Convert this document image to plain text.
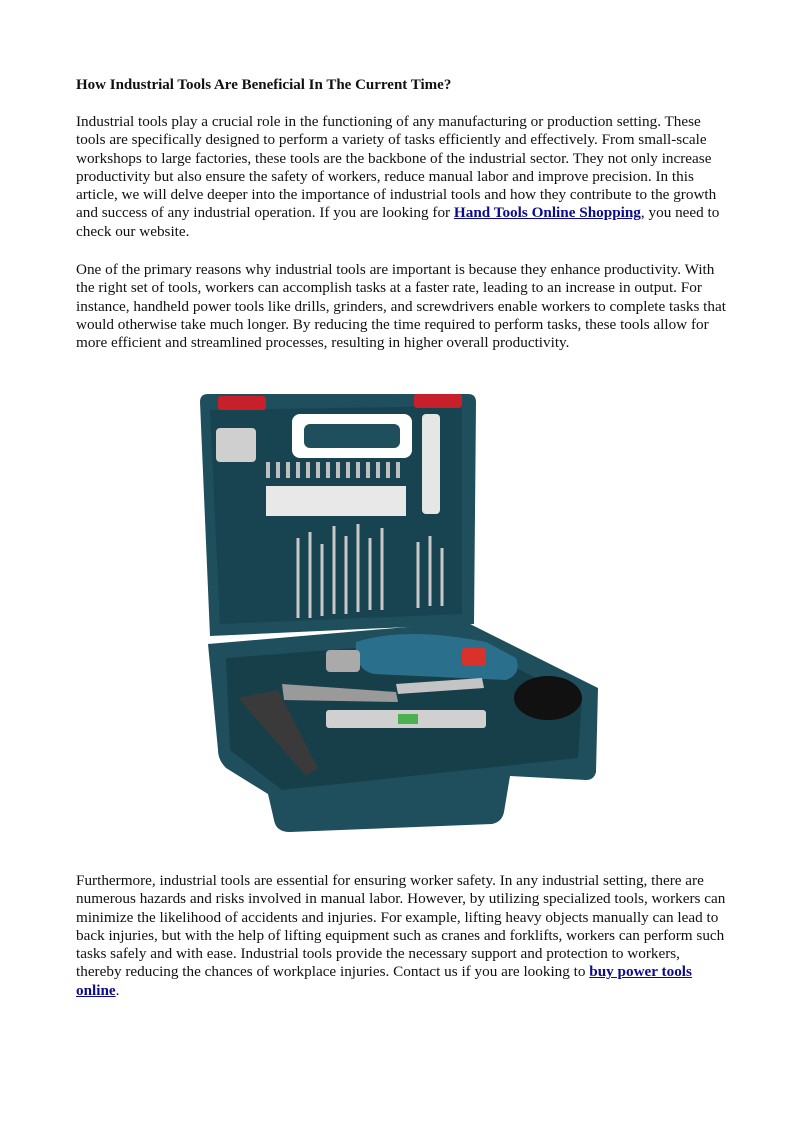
How Industrial Tools Are Beneficial In The Current Time?

Industrial tools play a crucial role in the functioning of any manufacturing or production setting. These tools are specifically designed to perform a variety of tasks efficiently and effectively. From small-scale workshops to large factories, these tools are the backbone of the industrial sector. They not only increase productivity but also ensure the safety of workers, reduce manual labor and improve precision. In this article, we will delve deeper into the importance of industrial tools and how they contribute to the growth and success of any industrial operation. If you are looking for Hand Tools Online Shopping, you need to check our website.

One of the primary reasons why industrial tools are important is because they enhance productivity. With the right set of tools, workers can accomplish tasks at a faster rate, leading to an increase in output. For instance, handheld power tools like drills, grinders, and screwdrivers enable workers to complete tasks that would otherwise take much longer. By reducing the time required to perform tasks, these tools allow for more efficient and streamlined processes, resulting in higher overall productivity.

Furthermore, industrial tools are essential for ensuring worker safety. In any industrial setting, there are numerous hazards and risks involved in manual labor. However, by utilizing specialized tools, workers can minimize the likelihood of accidents and injuries. For example, lifting heavy objects manually can lead to back injuries, but with the help of lifting equipment such as cranes and forklifts, workers can perform such tasks safely and with ease. Industrial tools provide the necessary support and protection to workers, thereby reducing the chances of workplace injuries. Contact us if you are looking to buy power tools online.
